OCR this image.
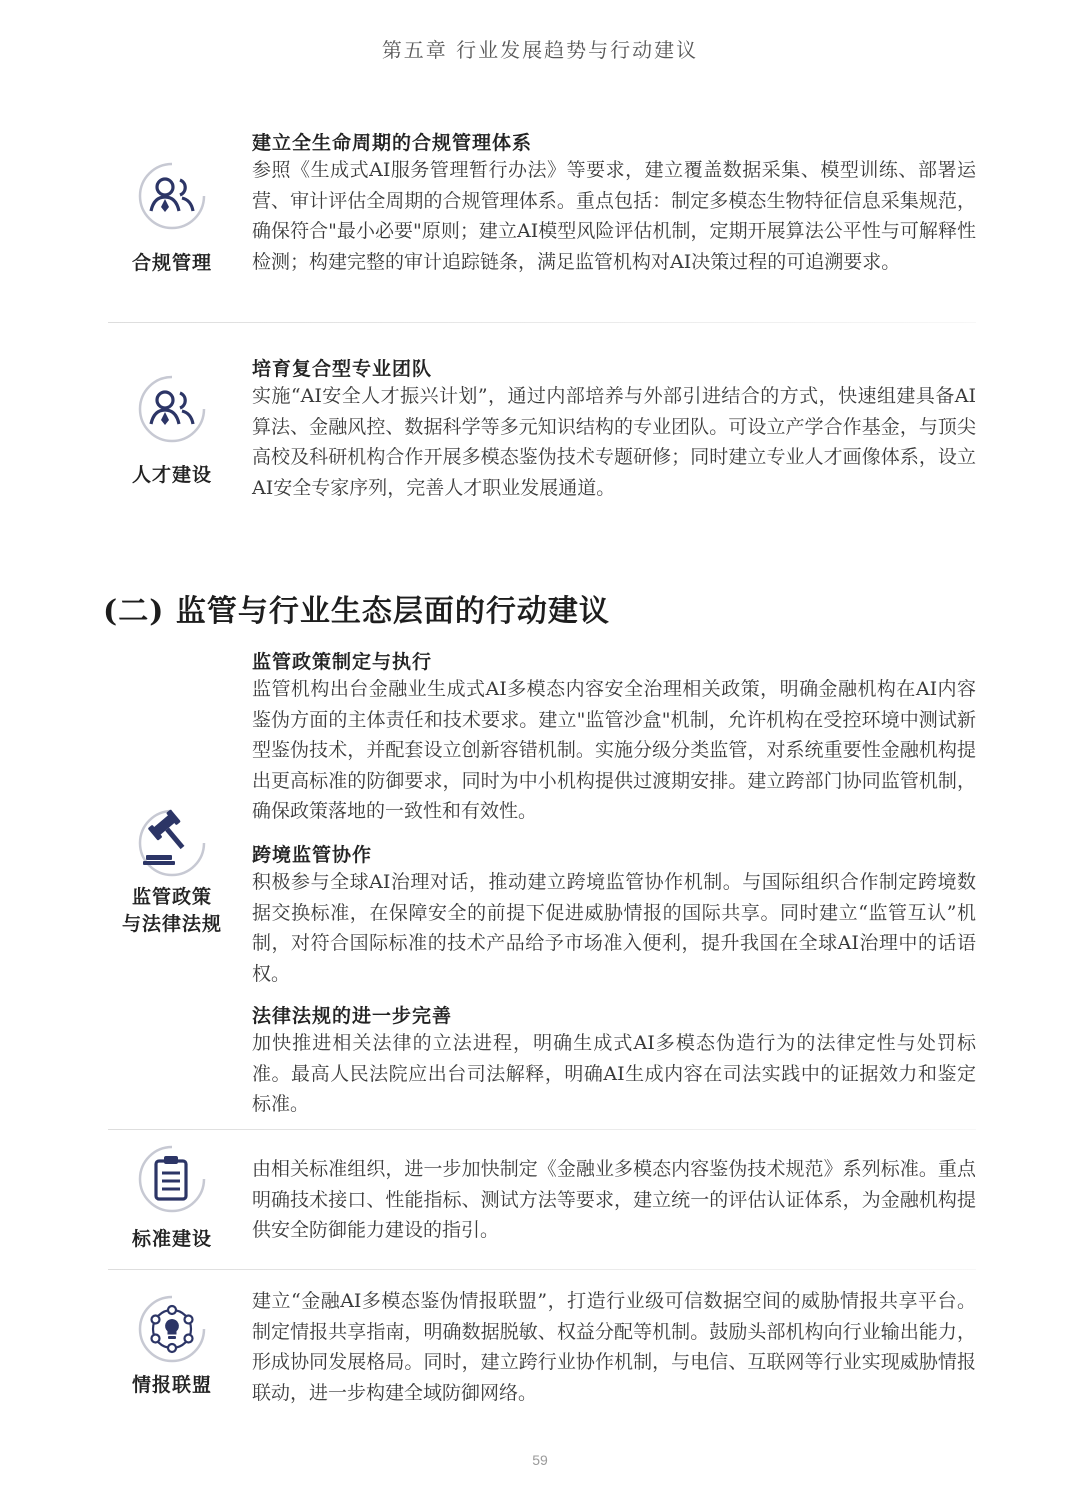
第五章 行业发展趋势与行动建议
合规管理
建立全生命周期的合规管理体系

参照《生成式AI服务管理暂行办法》等要求，建立覆盖数据采集、模型训练、部署运营、审计评估全周期的合规管理体系。重点包括：制定多模态生物特征信息采集规范，确保符合"最小必要"原则；建立AI模型风险评估机制，定期开展算法公平性与可解释性检测；构建完整的审计追踪链条，满足监管机构对AI决策过程的可追溯要求。

人才建设
培育复合型专业团队

实施“AI安全人才振兴计划”，通过内部培养与外部引进结合的方式，快速组建具备AI算法、金融风控、数据科学等多元知识结构的专业团队。可设立产学合作基金，与顶尖高校及科研机构合作开展多模态鉴伪技术专题研修；同时建立专业人才画像体系，设立AI安全专家序列，完善人才职业发展通道。

(二) 监管与行业生态层面的行动建议
监管政策
与法律法规
监管政策制定与执行

监管机构出台金融业生成式AI多模态内容安全治理相关政策，明确金融机构在AI内容鉴伪方面的主体责任和技术要求。建立"监管沙盒"机制，允许机构在受控环境中测试新型鉴伪技术，并配套设立创新容错机制。实施分级分类监管，对系统重要性金融机构提出更高标准的防御要求，同时为中小机构提供过渡期安排。建立跨部门协同监管机制，确保政策落地的一致性和有效性。

跨境监管协作

积极参与全球AI治理对话，推动建立跨境监管协作机制。与国际组织合作制定跨境数据交换标准，在保障安全的前提下促进威胁情报的国际共享。同时建立“监管互认”机制，对符合国际标准的技术产品给予市场准入便利，提升我国在全球AI治理中的话语权。

法律法规的进一步完善

加快推进相关法律的立法进程，明确生成式AI多模态伪造行为的法律定性与处罚标准。最高人民法院应出台司法解释，明确AI生成内容在司法实践中的证据效力和鉴定标准。

标准建设

由相关标准组织，进一步加快制定《金融业多模态内容鉴伪技术规范》系列标准。重点明确技术接口、性能指标、测试方法等要求，建立统一的评估认证体系，为金融机构提供安全防御能力建设的指引。

情报联盟

建立“金融AI多模态鉴伪情报联盟”，打造行业级可信数据空间的威胁情报共享平台。制定情报共享指南，明确数据脱敏、权益分配等机制。鼓励头部机构向行业输出能力，形成协同发展格局。同时，建立跨行业协作机制，与电信、互联网等行业实现威胁情报联动，进一步构建全域防御网络。

59
